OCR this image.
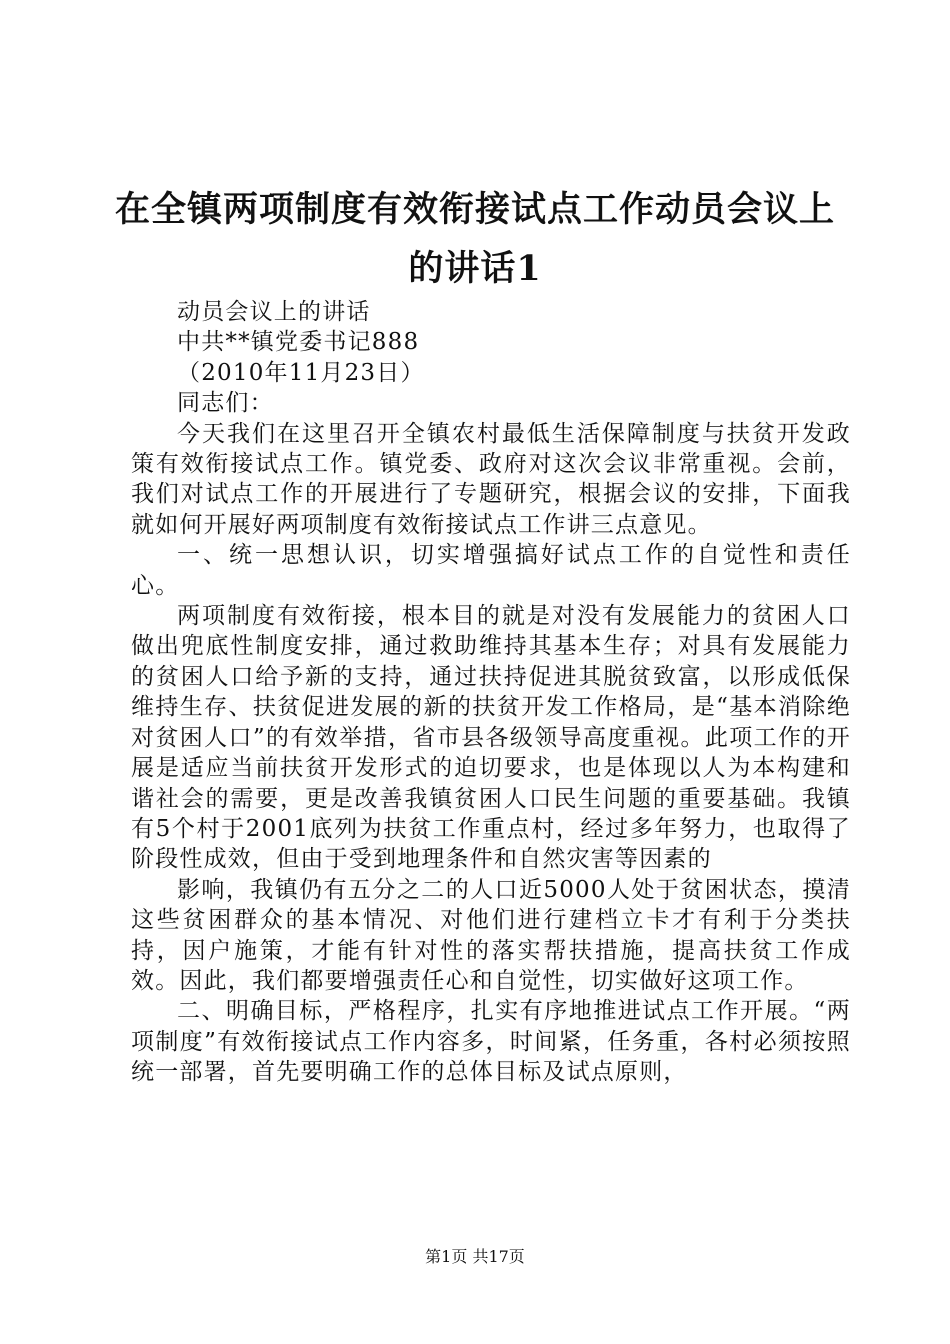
在全镇两项制度有效衔接试点工作动员会议上
的讲话1

动员会议上的讲话

中共**镇党委书记888

（2010年11月23日）

同志们：

今天我们在这里召开全镇农村最低生活保障制度与扶贫开发政策有效衔接试点工作。镇党委、政府对这次会议非常重视。会前，我们对试点工作的开展进行了专题研究，根据会议的安排，下面我就如何开展好两项制度有效衔接试点工作讲三点意见。

一、统一思想认识，切实增强搞好试点工作的自觉性和责任心。

两项制度有效衔接，根本目的就是对没有发展能力的贫困人口做出兜底性制度安排，通过救助维持其基本生存；对具有发展能力的贫困人口给予新的支持，通过扶持促进其脱贫致富，以形成低保维持生存、扶贫促进发展的新的扶贫开发工作格局，是“基本消除绝对贫困人口”的有效举措，省市县各级领导高度重视。此项工作的开展是适应当前扶贫开发形式的迫切要求，也是体现以人为本构建和谐社会的需要，更是改善我镇贫困人口民生问题的重要基础。我镇有5个村于2001底列为扶贫工作重点村，经过多年努力，也取得了阶段性成效，但由于受到地理条件和自然灾害等因素的

影响，我镇仍有五分之二的人口近5000人处于贫困状态，摸清这些贫困群众的基本情况、对他们进行建档立卡才有利于分类扶持，因户施策，才能有针对性的落实帮扶措施，提高扶贫工作成效。因此，我们都要增强责任心和自觉性，切实做好这项工作。

二、明确目标，严格程序，扎实有序地推进试点工作开展。“两项制度”有效衔接试点工作内容多，时间紧，任务重，各村必须按照统一部署，首先要明确工作的总体目标及试点原则，

第1页 共17页
